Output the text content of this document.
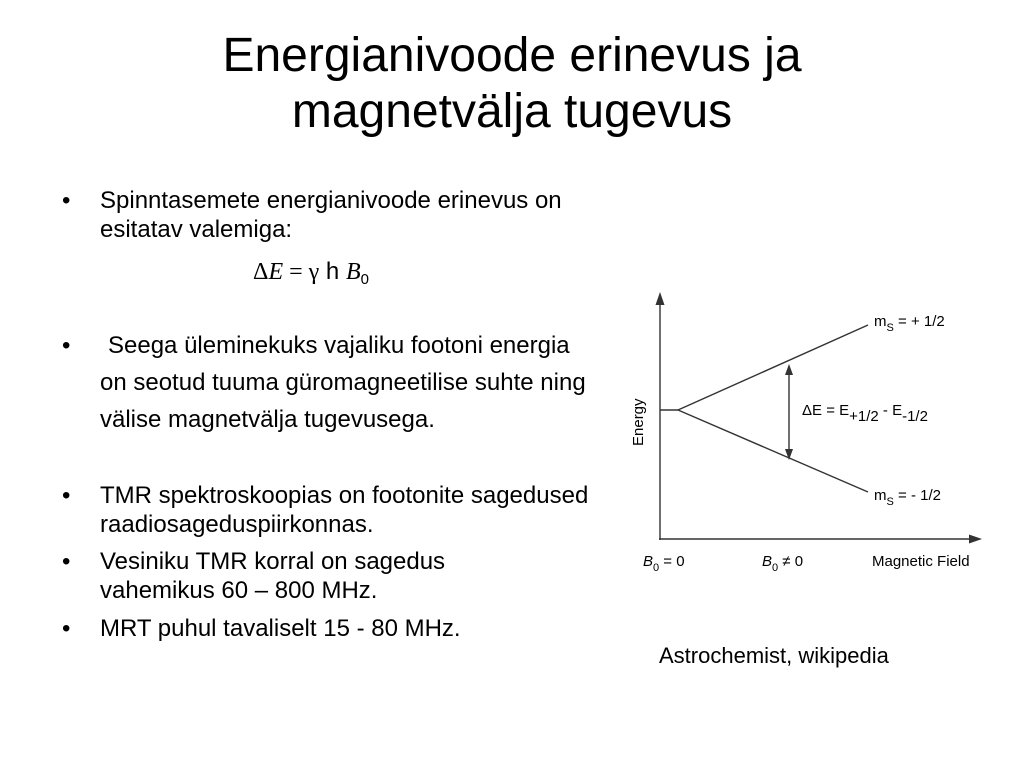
Energianivoode erinevus ja
magnetvälja tugevus
• Spinntasemete energianivoode erinevus on esitatav valemiga:
•	Seega üleminekuks vajaliku footoni energia on seotud tuuma güromagneetilise suhte ning välise magnetvälja tugevusega.
• TMR spektroskoopias on footonite sagedused raadiosageduspiirkonnas.
• Vesiniku TMR korral on sagedus vahemikus 60 – 800 MHz.
• MRT puhul tavaliselt 15 - 80 MHz.
ΔE = γ h $B_0$
Energy
Magnetic Field
$B_0 = 0$	$B_0 \ne 0$
$m_S$ = + 1/2
$m_S$ = - 1/2
ΔE = E+1/2 - E-1/2
Astrochemist, wikipedia
